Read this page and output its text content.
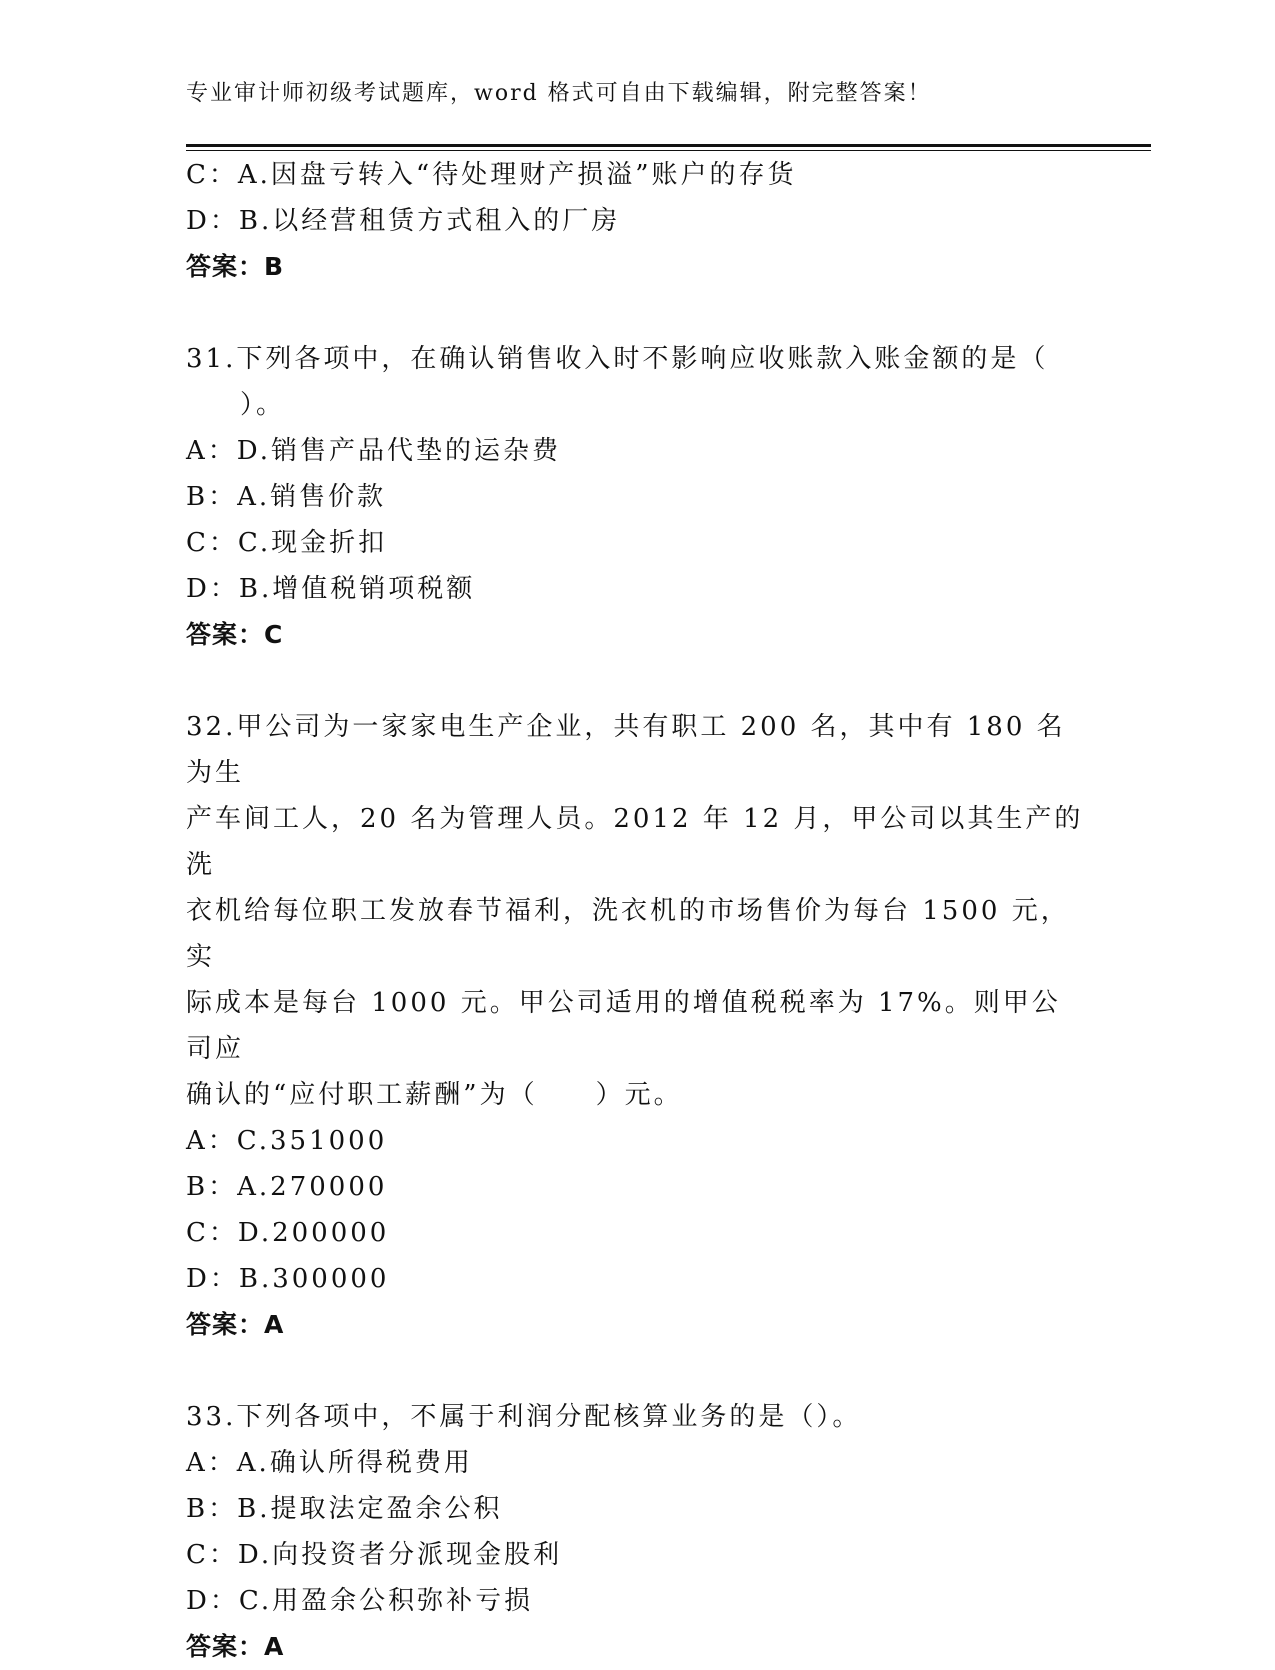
专业审计师初级考试题库，word 格式可自由下载编辑，附完整答案！
C：A.因盘亏转入“待处理财产损溢”账户的存货
D：B.以经营租赁方式租入的厂房
答案：B
31.下列各项中，在确认销售收入时不影响应收账款入账金额的是（
）。
A：D.销售产品代垫的运杂费
B：A.销售价款
C：C.现金折扣
D：B.增值税销项税额
答案：C
32.甲公司为一家家电生产企业，共有职工 200 名，其中有 180 名为生
产车间工人，20 名为管理人员。2012 年 12 月，甲公司以其生产的洗
衣机给每位职工发放春节福利，洗衣机的市场售价为每台 1500 元，实
际成本是每台 1000 元。甲公司适用的增值税税率为 17%。则甲公司应
确认的“应付职工薪酬”为（　　）元。
A：C.351000
B：A.270000
C：D.200000
D：B.300000
答案：A
33.下列各项中，不属于利润分配核算业务的是（）。
A：A.确认所得税费用
B：B.提取法定盈余公积
C：D.向投资者分派现金股利
D：C.用盈余公积弥补亏损
答案：A
